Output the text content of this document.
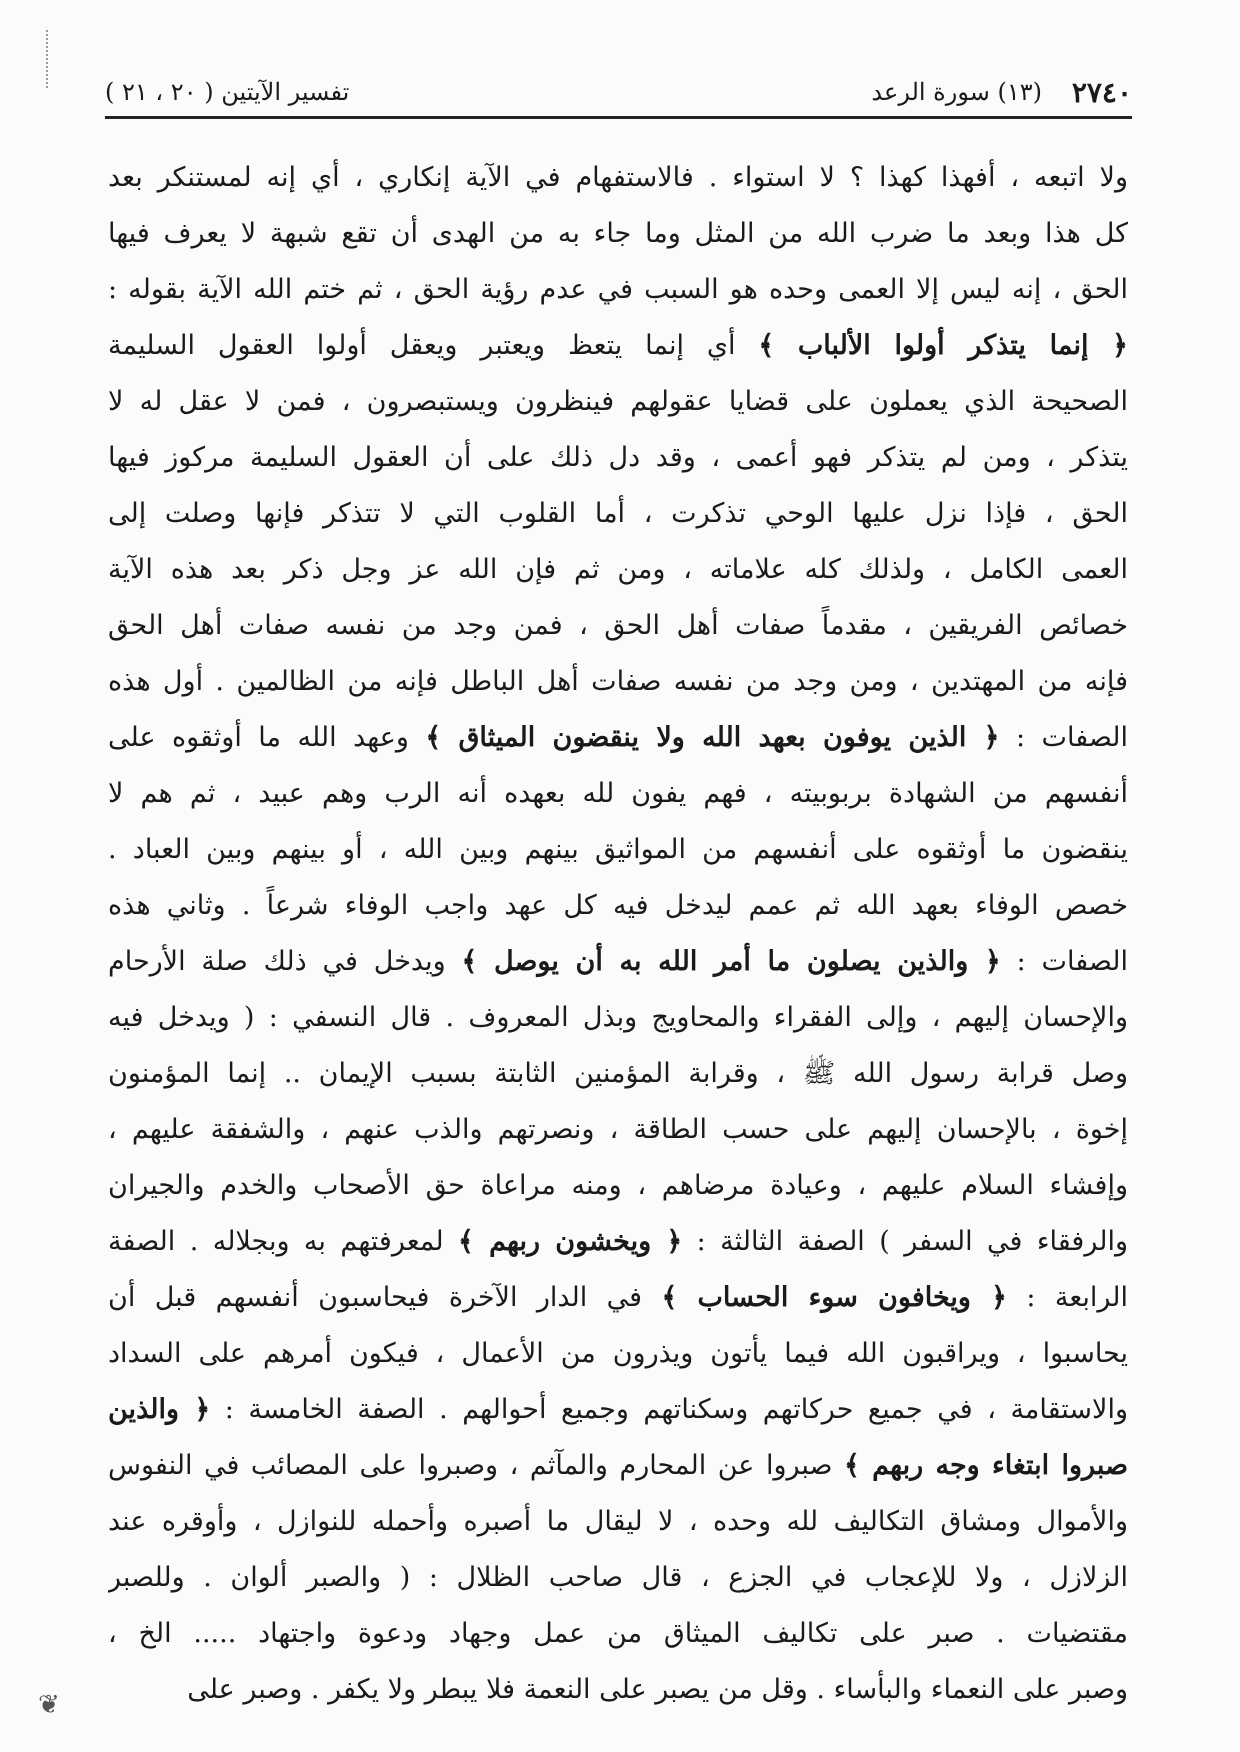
٢٧٤٠
(١٣) سورة الرعد
تفسير الآيتين ( ٢٠ ، ٢١ )
ولا اتبعه ، أفهذا كهذا ؟ لا استواء . فالاستفهام في الآية إنكاري ، أي إنه لمستنكر بعد
كل هذا وبعد ما ضرب الله من المثل وما جاء به من الهدى أن تقع شبهة لا يعرف فيها
الحق ، إنه ليس إلا العمى وحده هو السبب في عدم رؤية الحق ، ثم ختم الله الآية بقوله :
﴿ إنما يتذكر أولوا الألباب ﴾ أي إنما يتعظ ويعتبر ويعقل أولوا العقول السليمة
الصحيحة الذي يعملون على قضايا عقولهم فينظرون ويستبصرون ، فمن لا عقل له لا
يتذكر ، ومن لم يتذكر فهو أعمى ، وقد دل ذلك على أن العقول السليمة مركوز فيها
الحق ، فإذا نزل عليها الوحي تذكرت ، أما القلوب التي لا تتذكر فإنها وصلت إلى
العمى الكامل ، ولذلك كله علاماته ، ومن ثم فإن الله عز وجل ذكر بعد هذه الآية
خصائص الفريقين ، مقدماً صفات أهل الحق ، فمن وجد من نفسه صفات أهل الحق
فإنه من المهتدين ، ومن وجد من نفسه صفات أهل الباطل فإنه من الظالمين . أول هذه
الصفات : ﴿ الذين يوفون بعهد الله ولا ينقضون الميثاق ﴾ وعهد الله ما أوثقوه على
أنفسهم من الشهادة بربوبيته ، فهم يفون لله بعهده أنه الرب وهم عبيد ، ثم هم لا
ينقضون ما أوثقوه على أنفسهم من المواثيق بينهم وبين الله ، أو بينهم وبين العباد .
خصص الوفاء بعهد الله ثم عمم ليدخل فيه كل عهد واجب الوفاء شرعاً . وثاني هذه
الصفات : ﴿ والذين يصلون ما أمر الله به أن يوصل ﴾ ويدخل في ذلك صلة الأرحام
والإحسان إليهم ، وإلى الفقراء والمحاويج وبذل المعروف . قال النسفي : ( ويدخل فيه
وصل قرابة رسول الله ﷺ ، وقرابة المؤمنين الثابتة بسبب الإيمان .. إنما المؤمنون
إخوة ، بالإحسان إليهم على حسب الطاقة ، ونصرتهم والذب عنهم ، والشفقة عليهم ،
وإفشاء السلام عليهم ، وعيادة مرضاهم ، ومنه مراعاة حق الأصحاب والخدم والجيران
والرفقاء في السفر ) الصفة الثالثة : ﴿ ويخشون ربهم ﴾ لمعرفتهم به وبجلاله . الصفة
الرابعة : ﴿ ويخافون سوء الحساب ﴾ في الدار الآخرة فيحاسبون أنفسهم قبل أن
يحاسبوا ، ويراقبون الله فيما يأتون ويذرون من الأعمال ، فيكون أمرهم على السداد
والاستقامة ، في جميع حركاتهم وسكناتهم وجميع أحوالهم . الصفة الخامسة : ﴿ والذين
صبروا ابتغاء وجه ربهم ﴾ صبروا عن المحارم والمآثم ، وصبروا على المصائب في النفوس
والأموال ومشاق التكاليف لله وحده ، لا ليقال ما أصبره وأحمله للنوازل ، وأوقره عند
الزلازل ، ولا للإعجاب في الجزع ، قال صاحب الظلال : ( والصبر ألوان . وللصبر
مقتضيات . صبر على تكاليف الميثاق من عمل وجهاد ودعوة واجتهاد ..... الخ ،
وصبر على النعماء والبأساء . وقل من يصبر على النعمة فلا يبطر ولا يكفر . وصبر على
❦
